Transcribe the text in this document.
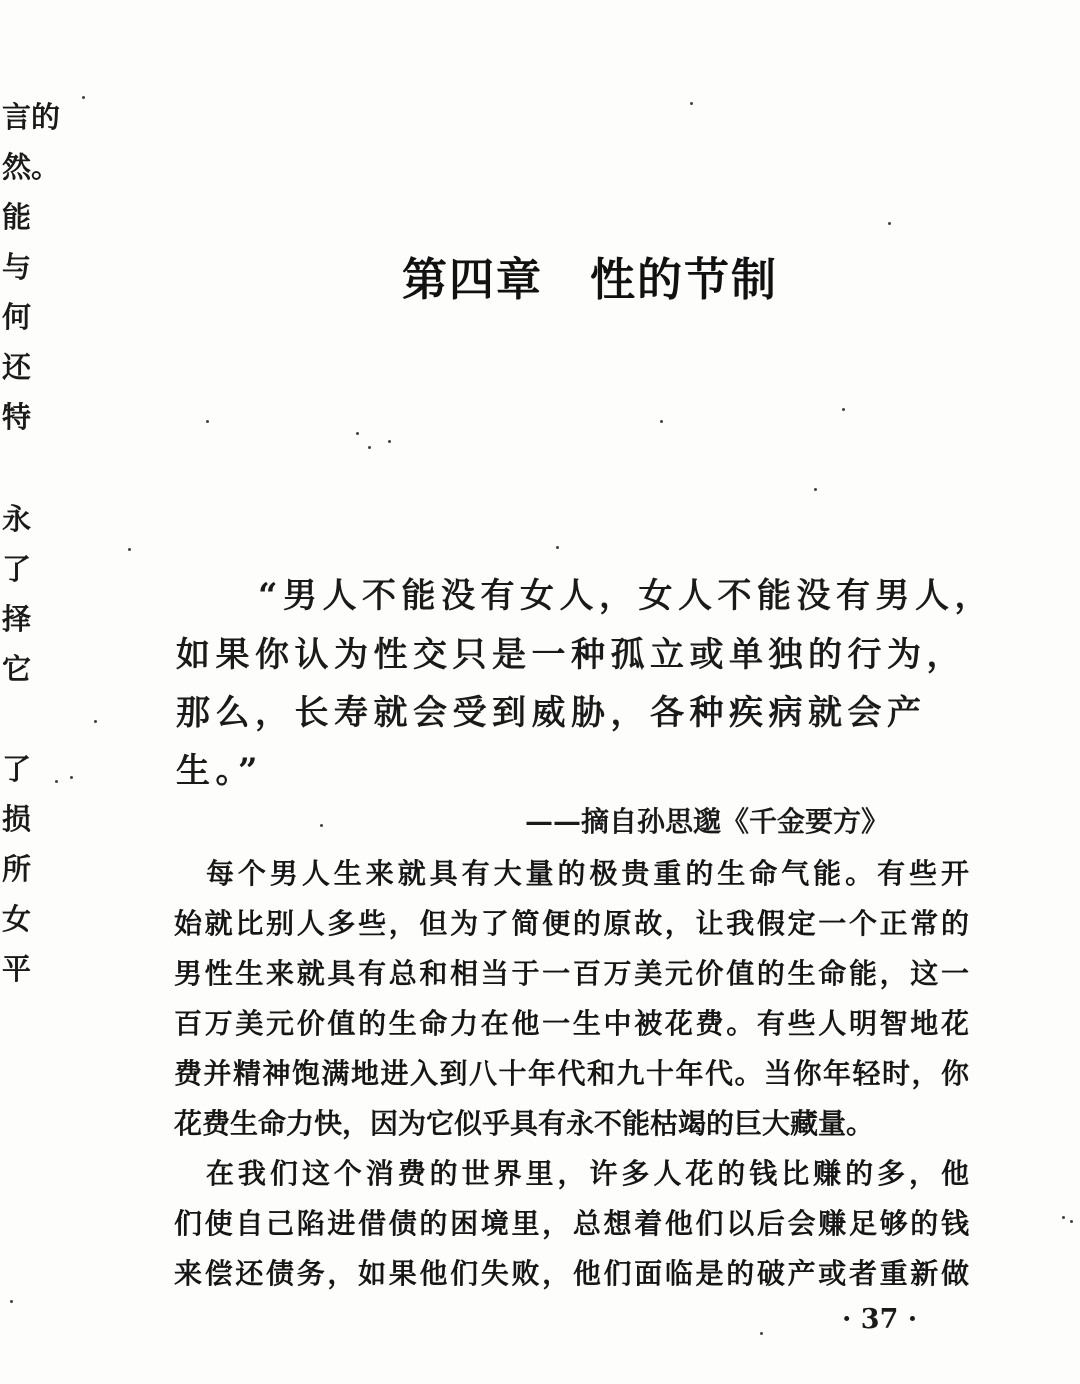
言的
然。
能
与
何
还
特
永
了
择
它
了
损
所
女
平
第四章　性的节制
“男人不能没有女人，女人不能没有男人，
如果你认为性交只是一种孤立或单独的行为，
那么，长寿就会受到威胁，各种疾病就会产
生。”
——摘自孙思邈《千金要方》
　每个男人生来就具有大量的极贵重的生命气能。有些开
始就比别人多些，但为了简便的原故，让我假定一个正常的
男性生来就具有总和相当于一百万美元价值的生命能，这一
百万美元价值的生命力在他一生中被花费。有些人明智地花
费并精神饱满地进入到八十年代和九十年代。当你年轻时，你
花费生命力快，因为它似乎具有永不能枯竭的巨大藏量。
　在我们这个消费的世界里，许多人花的钱比赚的多，他
们使自己陷进借债的困境里，总想着他们以后会赚足够的钱
来偿还债务，如果他们失败，他们面临是的破产或者重新做
· 37 ·
